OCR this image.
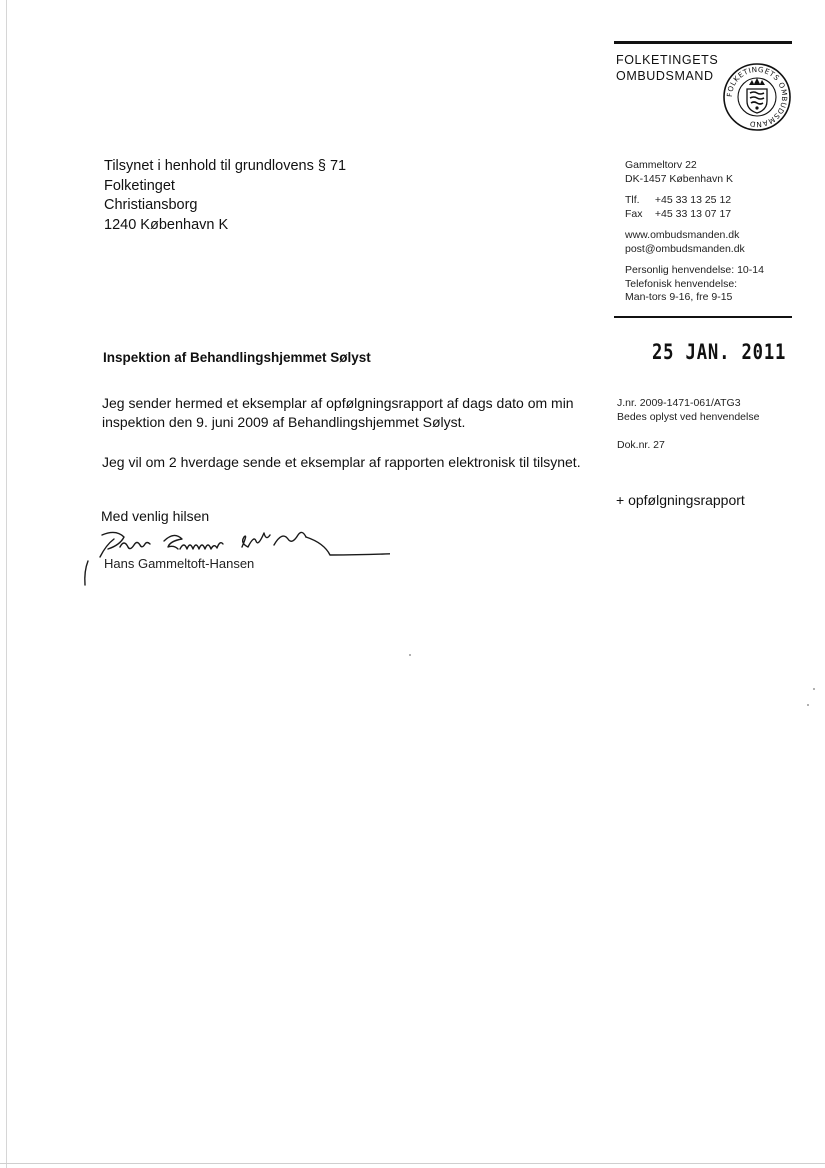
FOLKETINGETS
OMBUDSMAND
FOLKETINGETS OMBUDSMAND
Tilsynet i henhold til grundlovens § 71
Folketinget
Christiansborg
1240 København K
Gammeltorv 22
DK-1457 København K
Tlf. +45 33 13 25 12
Fax +45 33 13 07 17
www.ombudsmanden.dk
post@ombudsmanden.dk
Personlig henvendelse: 10-14
Telefonisk henvendelse:
Man-tors 9-16, fre 9-15
25 JAN. 2011
Inspektion af Behandlingshjemmet Sølyst
Jeg sender hermed et eksemplar af opfølgningsrapport af dags dato om min
inspektion den 9. juni 2009 af Behandlingshjemmet Sølyst.
Jeg vil om 2 hverdage sende et eksemplar af rapporten elektronisk til tilsynet.
J.nr. 2009-1471-061/ATG3
Bedes oplyst ved henvendelse
Dok.nr. 27
+ opfølgningsrapport
Med venlig hilsen
Hans Gammeltoft-Hansen
